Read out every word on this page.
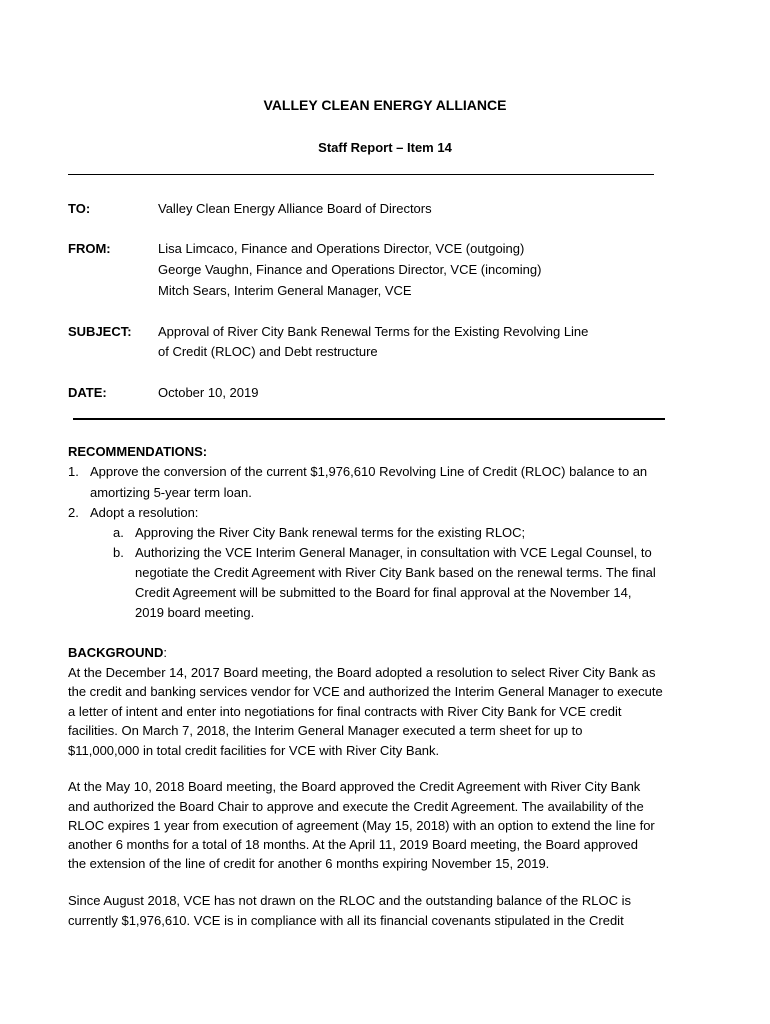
VALLEY CLEAN ENERGY ALLIANCE
Staff Report – Item 14
TO:	Valley Clean Energy Alliance Board of Directors
FROM:	Lisa Limcaco, Finance and Operations Director, VCE (outgoing)
George Vaughn, Finance and Operations Director, VCE (incoming)
Mitch Sears, Interim General Manager, VCE
SUBJECT: Approval of River City Bank Renewal Terms for the Existing Revolving Line
of Credit (RLOC) and Debt restructure
DATE:	October 10, 2019
RECOMMENDATIONS:
1. Approve the conversion of the current $1,976,610 Revolving Line of Credit (RLOC) balance to an
amortizing 5-year term loan.
2. Adopt a resolution:
a. Approving the River City Bank renewal terms for the existing RLOC;
b. Authorizing the VCE Interim General Manager, in consultation with VCE Legal Counsel, to
negotiate the Credit Agreement with River City Bank based on the renewal terms. The final
Credit Agreement will be submitted to the Board for final approval at the November 14,
2019 board meeting.
BACKGROUND:
At the December 14, 2017 Board meeting, the Board adopted a resolution to select River City Bank as
the credit and banking services vendor for VCE and authorized the Interim General Manager to execute
a letter of intent and enter into negotiations for final contracts with River City Bank for VCE credit
facilities. On March 7, 2018, the Interim General Manager executed a term sheet for up to
$11,000,000 in total credit facilities for VCE with River City Bank.
At the May 10, 2018 Board meeting, the Board approved the Credit Agreement with River City Bank
and authorized the Board Chair to approve and execute the Credit Agreement. The availability of the
RLOC expires 1 year from execution of agreement (May 15, 2018) with an option to extend the line for
another 6 months for a total of 18 months. At the April 11, 2019 Board meeting, the Board approved
the extension of the line of credit for another 6 months expiring November 15, 2019.
Since August 2018, VCE has not drawn on the RLOC and the outstanding balance of the RLOC is
currently $1,976,610. VCE is in compliance with all its financial covenants stipulated in the Credit
